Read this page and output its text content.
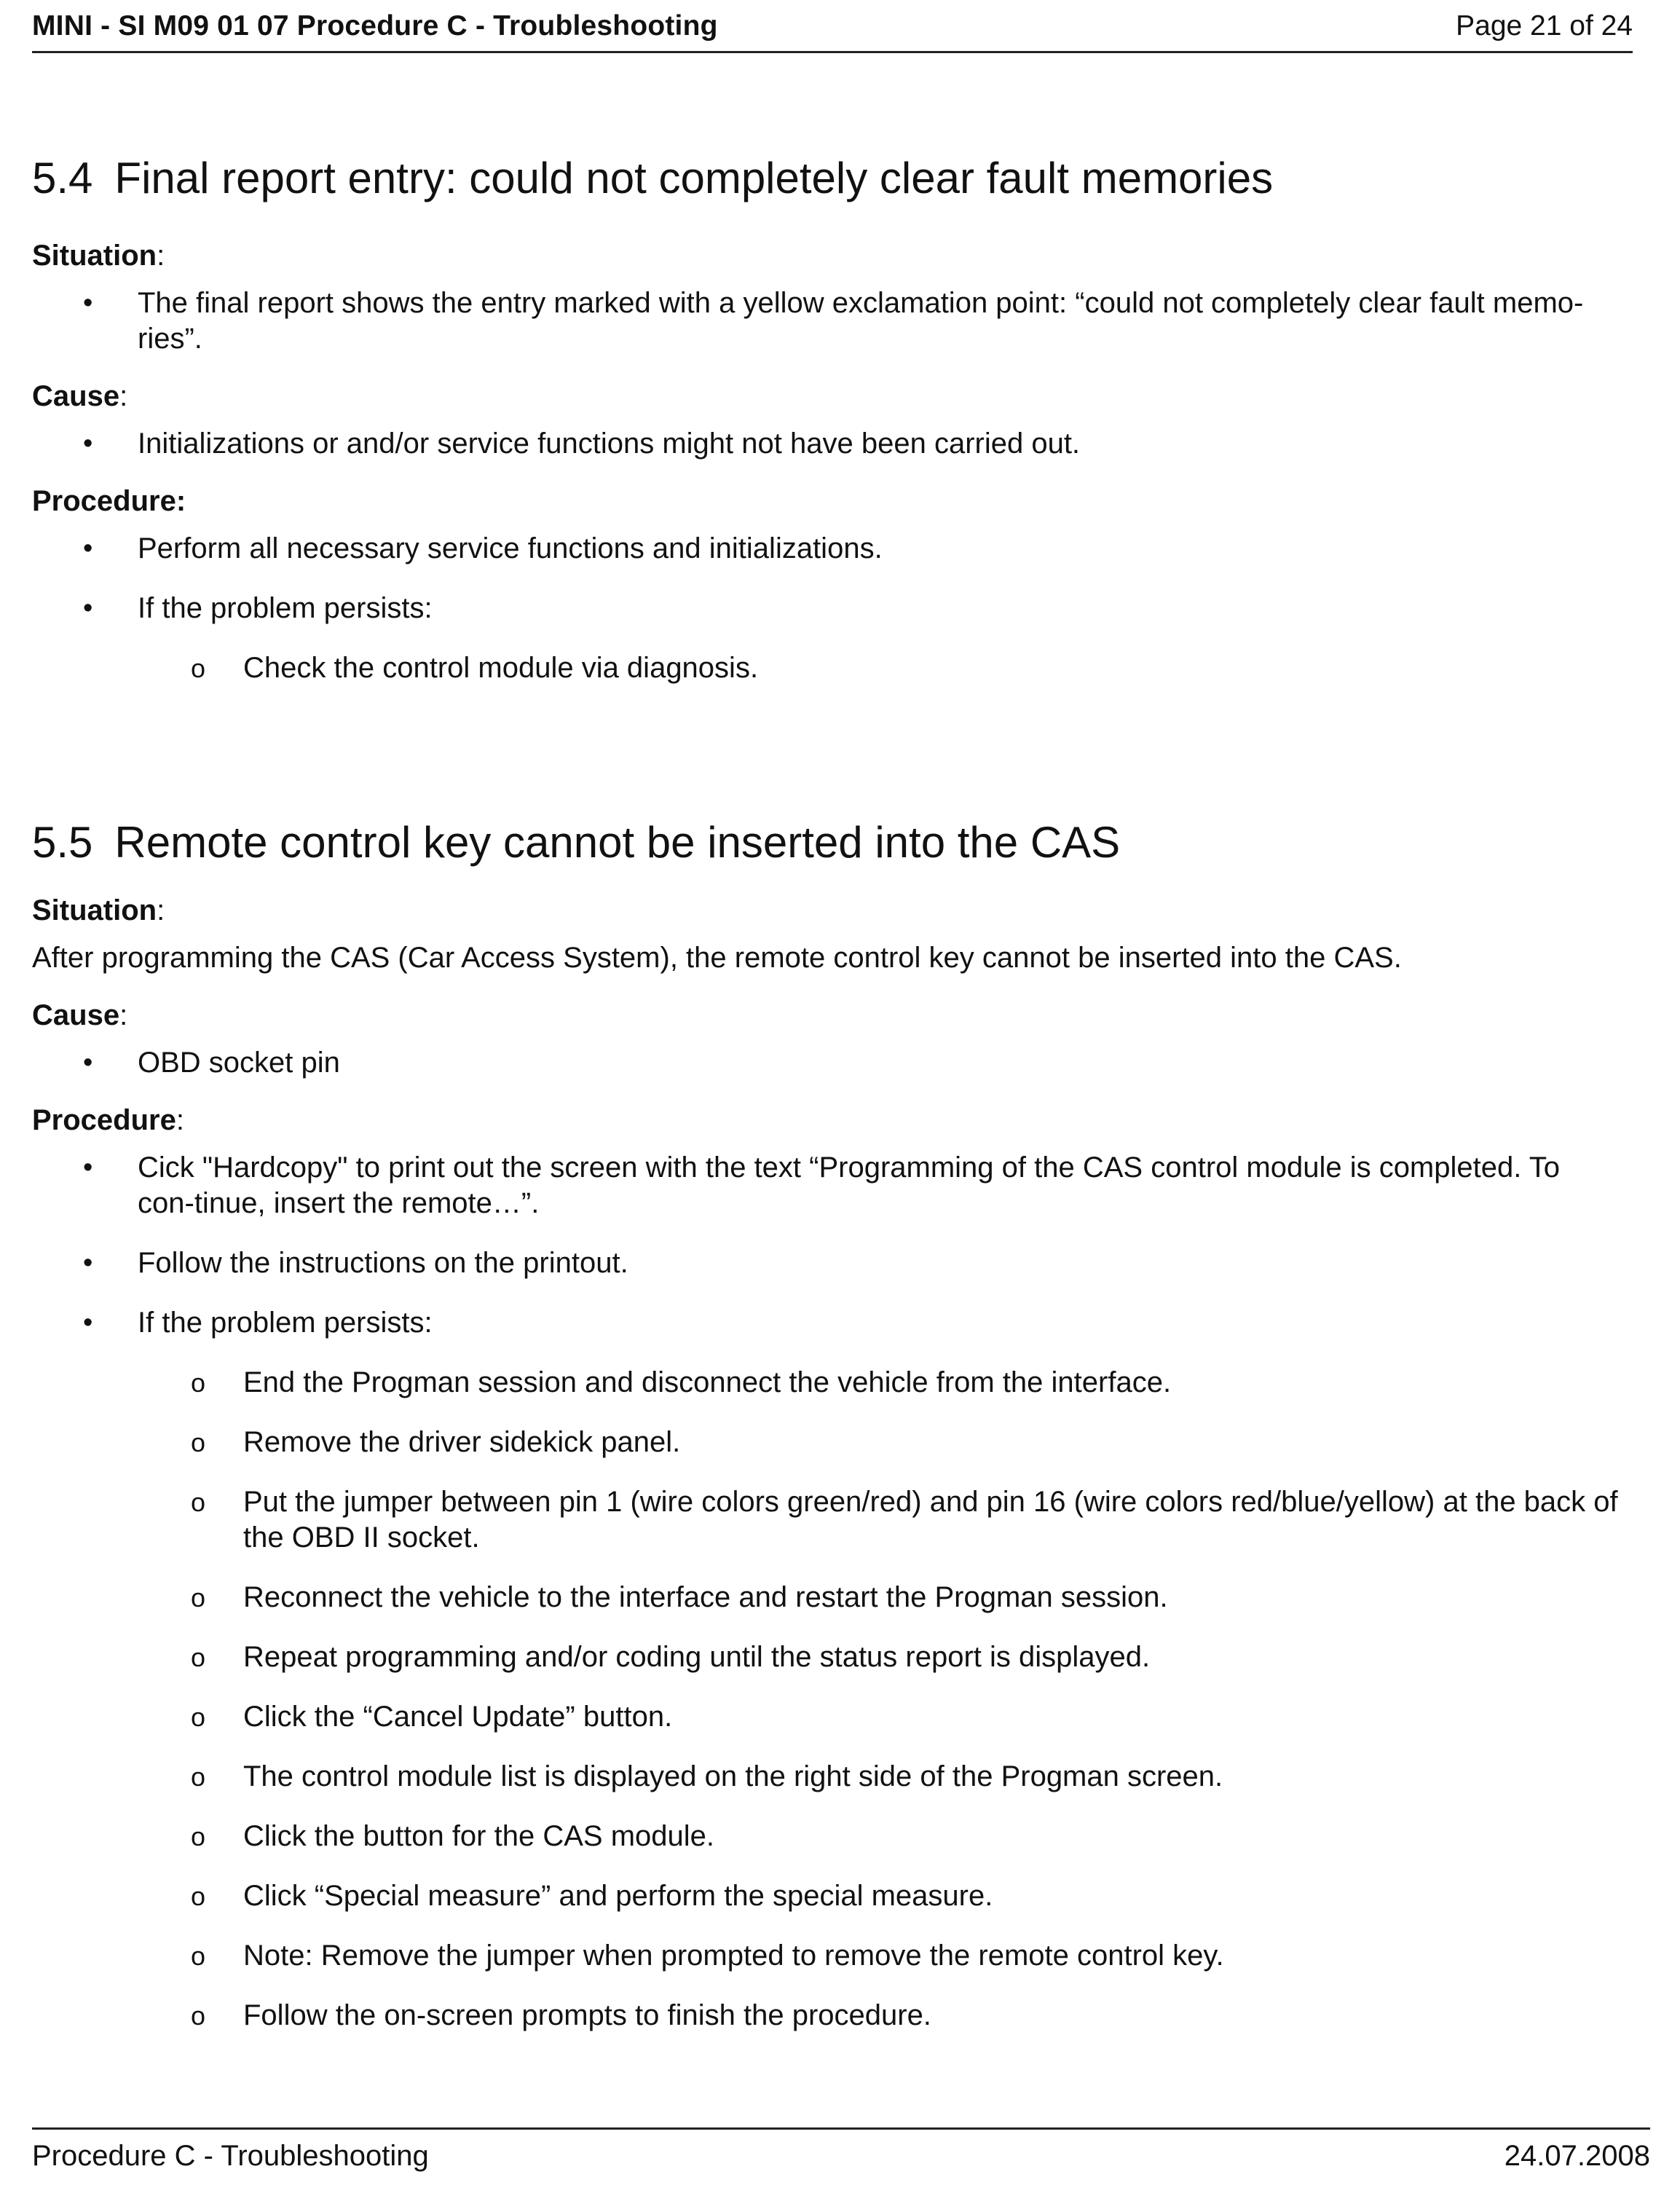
MINI - SI M09 01 07 Procedure C - Troubleshooting	Page 21 of 24
5.4 Final report entry: could not completely clear fault memories

Situation:

• The final report shows the entry marked with a yellow exclamation point: “could not completely clear fault memo-ries”.

Cause:

• Initializations or and/or service functions might not have been carried out.

Procedure:

• Perform all necessary service functions and initializations.
• If the problem persists:
o Check the control module via diagnosis.
5.5 Remote control key cannot be inserted into the CAS

Situation:

After programming the CAS (Car Access System), the remote control key cannot be inserted into the CAS.

Cause:

• OBD socket pin

Procedure:

• Cick "Hardcopy" to print out the screen with the text “Programming of the CAS control module is completed. To con-tinue, insert the remote…”.
• Follow the instructions on the printout.
• If the problem persists:
o End the Progman session and disconnect the vehicle from the interface.
o Remove the driver sidekick panel.
o Put the jumper between pin 1 (wire colors green/red) and pin 16 (wire colors red/blue/yellow) at the back of the OBD II socket.
o Reconnect the vehicle to the interface and restart the Progman session.
o Repeat programming and/or coding until the status report is displayed.
o Click the “Cancel Update” button.
o The control module list is displayed on the right side of the Progman screen.
o Click the button for the CAS module.
o Click “Special measure” and perform the special measure.
o Note: Remove the jumper when prompted to remove the remote control key.
o Follow the on-screen prompts to finish the procedure.
Procedure C - Troubleshooting	24.07.2008
